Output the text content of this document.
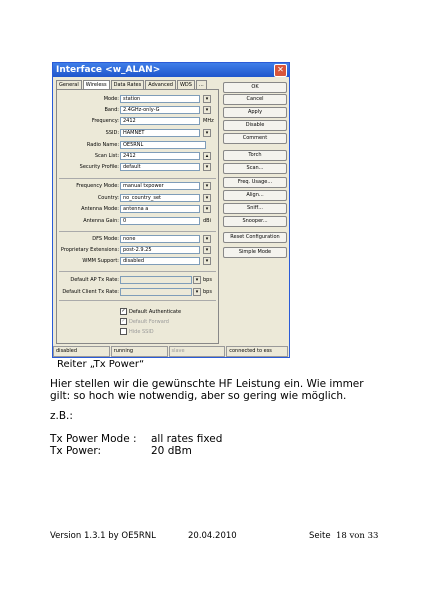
Interface <w_ALAN>	✕
General	Wireless	Data Rates	Advanced	WDS	...
Mode: station	▾
Band: 2.4GHz-only-G	▾
Frequency: 2412	MHz
SSID: HAMNET	▾
Radio Name: OE5RNL
Scan List: 2412	▴
Security Profile: default	▾
Frequency Mode: manual txpower	▾
Country: no_country_set	▾
Antenna Mode: antenna a	▾
Antenna Gain: 0	dBi
DFS Mode: none	▾
Proprietary Extensions: post-2.9.25	▾
WMM Support: disabled	▾
Default AP Tx Rate:	▾ bps
Default Client Tx Rate:	▾ bps
✓ Default Authenticate
✓ Default Forward
Hide SSID
OK
Cancel
Apply
Disable
Comment
Torch
Scan...
Freq. Usage...
Align...
Sniff...
Snooper...
Reset Configuration
Simple Mode
disabled	running	slave	connected to ess
Reiter „Tx Power“
Hier stellen wir die gewünschte HF Leistung ein. Wie immer gilt: so hoch wie notwendig, aber so gering wie möglich.
z.B.:
Tx Power Mode : all rates fixed
Tx Power:	20 dBm
Version 1.3.1 by OE5RNL	20.04.2010	Seite 18 von 33
